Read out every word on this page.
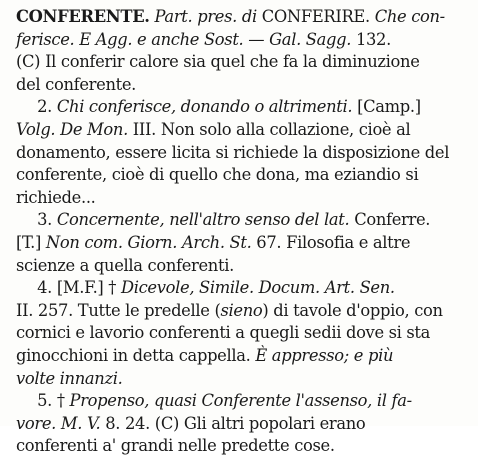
CONFERENTE. Part. pres. di CONFERIRE. Che con-
ferisce. E Agg. e anche Sost. — Gal. Sagg. 132.
(C) Il conferir calore sia quel che fa la diminuzione
del conferente.
2. Chi conferisce, donando o altrimenti. [Camp.]
Volg. De Mon. III. Non solo alla collazione, cioè al
donamento, essere licita si richiede la disposizione del
conferente, cioè di quello che dona, ma eziandio si
richiede...
3. Concernente, nell'altro senso del lat. Conferre.
[T.] Non com. Giorn. Arch. St. 67. Filosofia e altre
scienze a quella conferenti.
4. [M.F.] † Dicevole, Simile. Docum. Art. Sen.
II. 257. Tutte le predelle (sieno) di tavole d'oppio, con
cornici e lavorio conferenti a quegli sedii dove si sta
ginocchioni in detta cappella. È appresso; e più
volte innanzi.
5. † Propenso, quasi Conferente l'assenso, il fa-
vore. M. V. 8. 24. (C) Gli altri popolari erano
conferenti a' grandi nelle predette cose.
